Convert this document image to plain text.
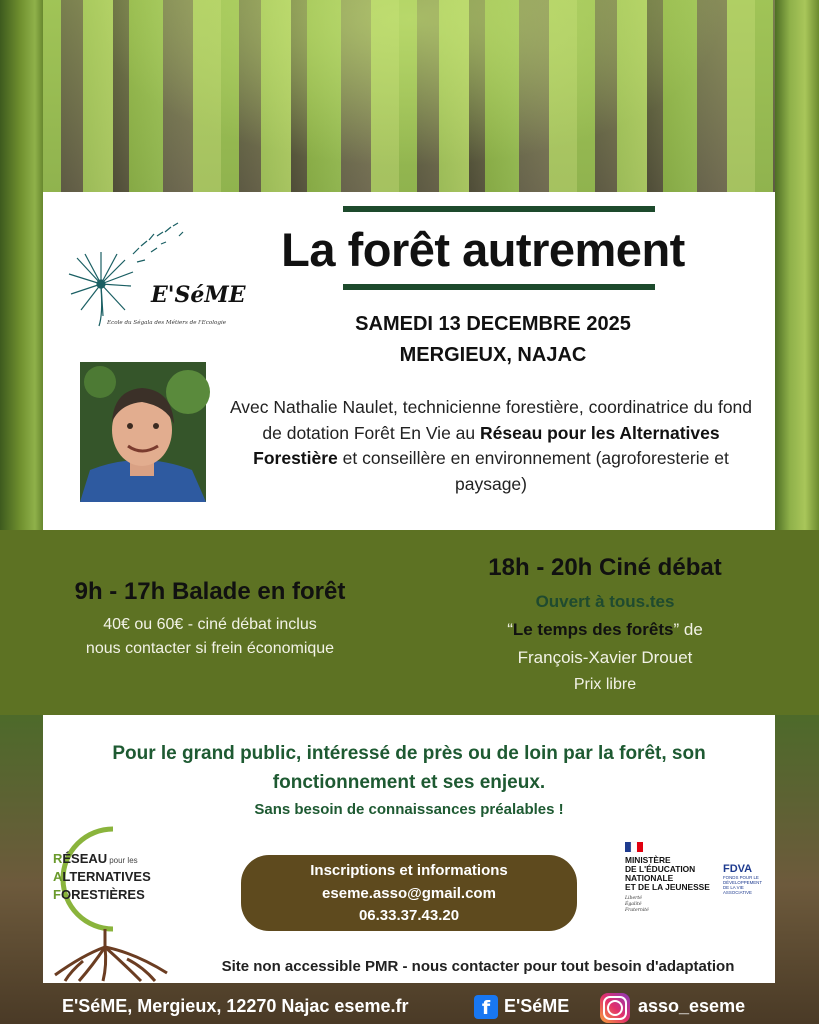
La forêt autrement
E'SéME
Ecole du Ségala des Métiers de l'Ecologie	SAMEDI 13 DECEMBRE 2025
MERGIEUX, NAJAC
Avec Nathalie Naulet, technicienne forestière, coordinatrice du fond de dotation Forêt En Vie au Réseau pour les Alternatives Forestière et conseillère en environnement (agroforesterie et paysage)
9h - 17h Balade en forêt
40€ ou 60€ - ciné débat inclus
nous contacter si frein économique
18h - 20h Ciné débat
Ouvert à tous.tes
“Le temps des forêts” de
François-Xavier Drouet
Prix libre
Pour le grand public, intéressé de près ou de loin par la forêt, son
fonctionnement et ses enjeux.
Sans besoin de connaissances préalables !
RÉSEAU pour les
ALTERNATIVES
FORESTIÈRES
Inscriptions et informations
eseme.asso@gmail.com
06.33.37.43.20
MINISTÈRE
DE L'ÉDUCATION
NATIONALE
ET DE LA JEUNESSE
Liberté
Égalité
Fraternité
FDVA
FONDS POUR LE
DÉVELOPPEMENT
DE LA VIE
ASSOCIATIVE
Site non accessible PMR - nous contacter pour tout besoin d'adaptation
E'SéME, Mergieux, 12270 Najac eseme.fr	f E'SéME	asso_eseme
